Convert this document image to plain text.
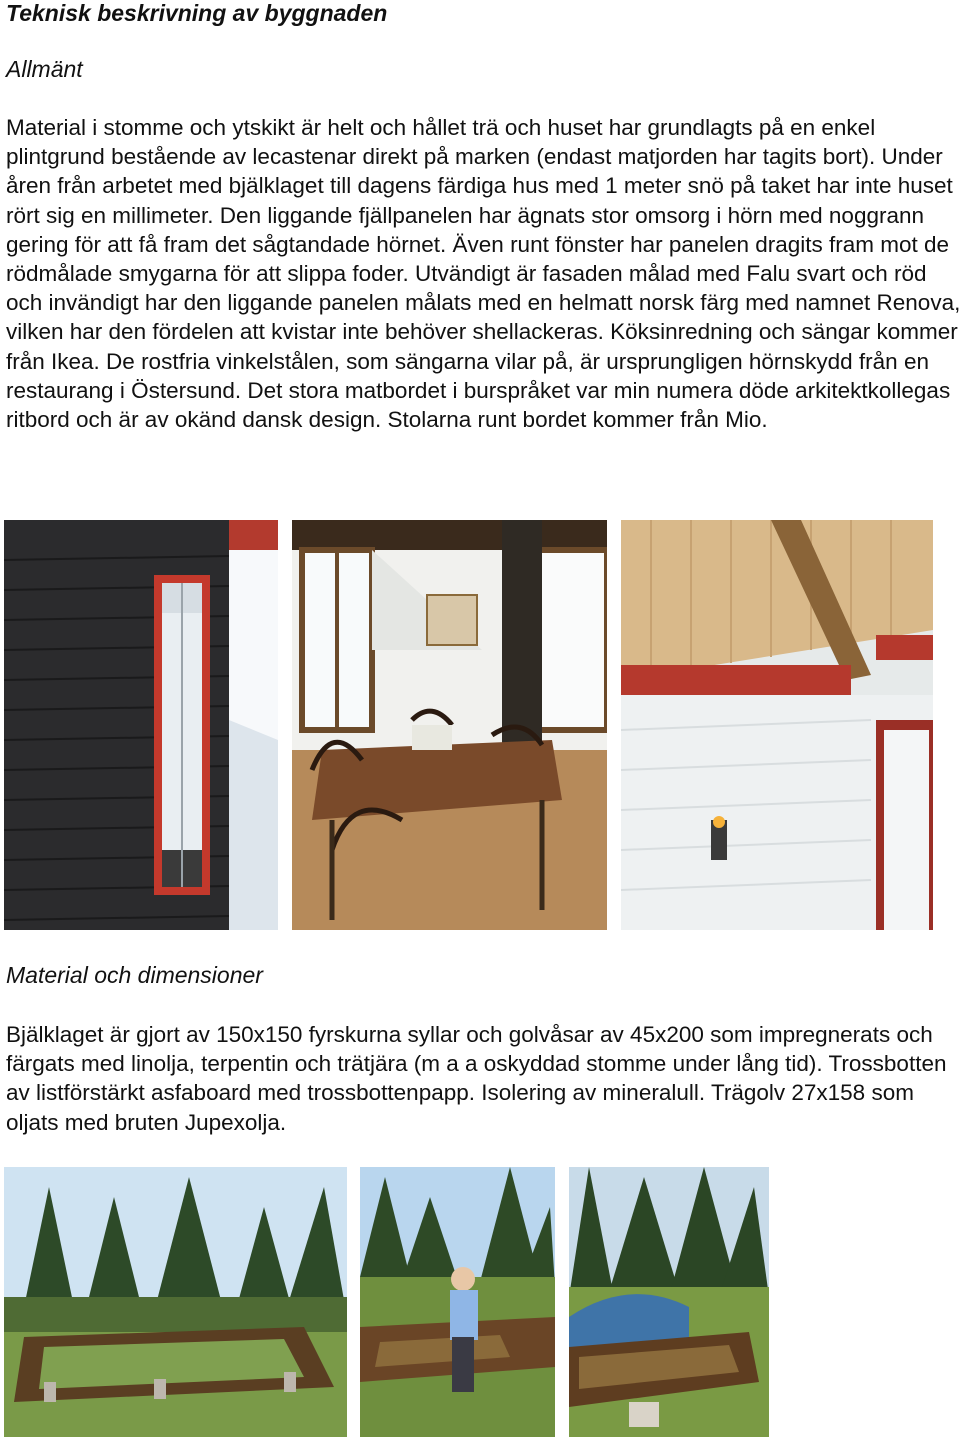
Teknisk beskrivning av byggnaden
Allmänt

Material i stomme och ytskikt är helt och hållet trä och huset har grundlagts på en enkel plintgrund bestående av lecastenar direkt på marken (endast matjorden har tagits bort). Under åren från arbetet med bjälklaget till dagens färdiga hus med 1 meter snö på taket har inte huset rört sig en millimeter. Den liggande fjällpanelen har ägnats stor omsorg i hörn med noggrann gering för att få fram det sågtandade hörnet. Även runt fönster har panelen dragits fram mot de rödmålade smygarna för att slippa foder. Utvändigt är fasaden målad med Falu svart och röd och invändigt har den liggande panelen målats med en helmatt norsk färg med namnet Renova, vilken har den fördelen att kvistar inte behöver shellackeras. Köksinredning och sängar kommer från Ikea. De rostfria vinkelstålen, som sängarna vilar på, är ursprungligen hörnskydd från en restaurang i Östersund. Det stora matbordet i burspråket var min numera döde arkitektkollegas ritbord och är av okänd dansk design. Stolarna runt bordet kommer från Mio.

Material och dimensioner

Bjälklaget är gjort av 150x150 fyrskurna syllar och golvåsar av 45x200 som impregnerats och färgats med linolja, terpentin och trätjära (m a a oskyddad stomme under lång tid). Trossbotten av listförstärkt asfaboard med trossbottenpapp. Isolering av mineralull. Trägolv 27x158 som oljats med bruten Jupexolja.
